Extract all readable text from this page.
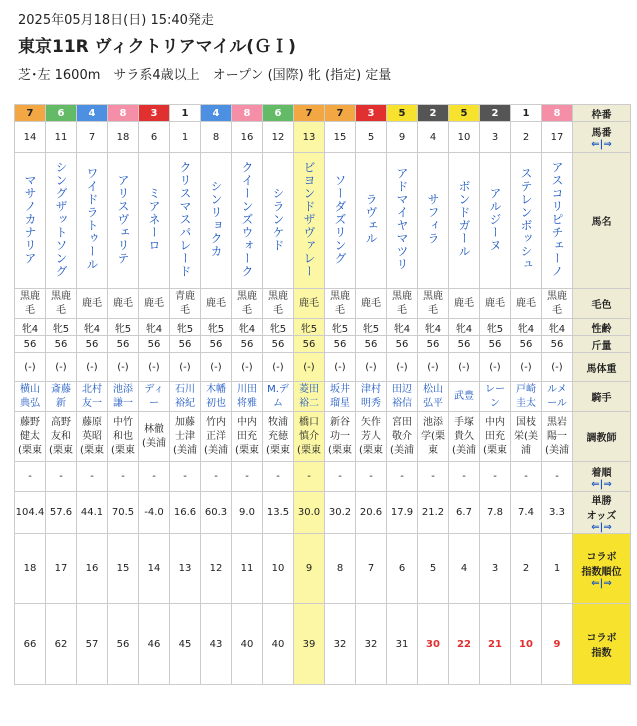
2025年05月18日(日) 15:40発走
東京11R ヴィクトリアマイル(ＧＩ)
芝･左 1600m　サラ系4歳以上　オープン (国際) 牝 (指定) 定量
7	6	4	8	3	1	4	8	6	7	7	3	5	2	5	2	1	8	枠番

14	11	7	18	6	1	8	16	12	13	15	5	9	4	10	3	2	17	馬番
⇐|⇒

マサノカナリア	シングザットソング	ワイドラトゥール	アリスヴェリテ	ミアネーロ	クリスマスパレード	シンリョクカ	クイーンズウォーク	シランケド	ビヨンドザヴァレー	ソーダズリング	ラヴェル	アドマイヤマツリ	サフィラ	ボンドガール	アルジーヌ	ステレンボッシュ	アスコリピチェーノ	馬名

黒鹿毛	黒鹿毛	鹿毛	鹿毛	鹿毛	青鹿毛	鹿毛	黒鹿毛	黒鹿毛	鹿毛	黒鹿毛	鹿毛	黒鹿毛	黒鹿毛	鹿毛	鹿毛	鹿毛	黒鹿毛	毛色

牝4	牝5	牝4	牝5	牝4	牝5	牝5	牝4	牝5	牝5	牝5	牝5	牝4	牝4	牝4	牝5	牝4	牝4	性齢

56	56	56	56	56	56	56	56	56	56	56	56	56	56	56	56	56	56	斤量

(-)	(-)	(-)	(-)	(-)	(-)	(-)	(-)	(-)	(-)	(-)	(-)	(-)	(-)	(-)	(-)	(-)	(-)	馬体重

横山典弘	斎藤新	北村友一	池添謙一	ディー	石川裕紀	木幡初也	川田将雅	M.デム	菱田裕二	坂井瑠星	津村明秀	田辺裕信	松山弘平	武豊	レーン	戸崎圭太	ルメール	騎手

藤野健太(栗東	高野友和(栗東	藤原英昭(栗東	中竹和也(栗東	林徹(美浦	加藤士津(美浦	竹内正洋(美浦	中内田充(栗東	牧浦充徳(栗東	橋口慎介(栗東	新谷功一(栗東	矢作芳人(栗東	宮田敬介(美浦	池添学(栗東	手塚貴久(美浦	中内田充(栗東	国枝栄(美浦	黒岩陽一(美浦	調教師

-	-	-	-	-	-	-	-	-	-	-	-	-	-	-	-	-	-	着順
⇐|⇒

104.4	57.6	44.1	70.5	-4.0	16.6	60.3	9.0	13.5	30.0	30.2	20.6	17.9	21.2	6.7	7.8	7.4	3.3	単勝
オッズ
⇐|⇒

18	17	16	15	14	13	12	11	10	9	8	7	6	5	4	3	2	1	コラボ
指数順位
⇐|⇒

66	62	57	56	46	45	43	40	40	39	32	32	31	30	22	21	10	9	コラボ
指数
